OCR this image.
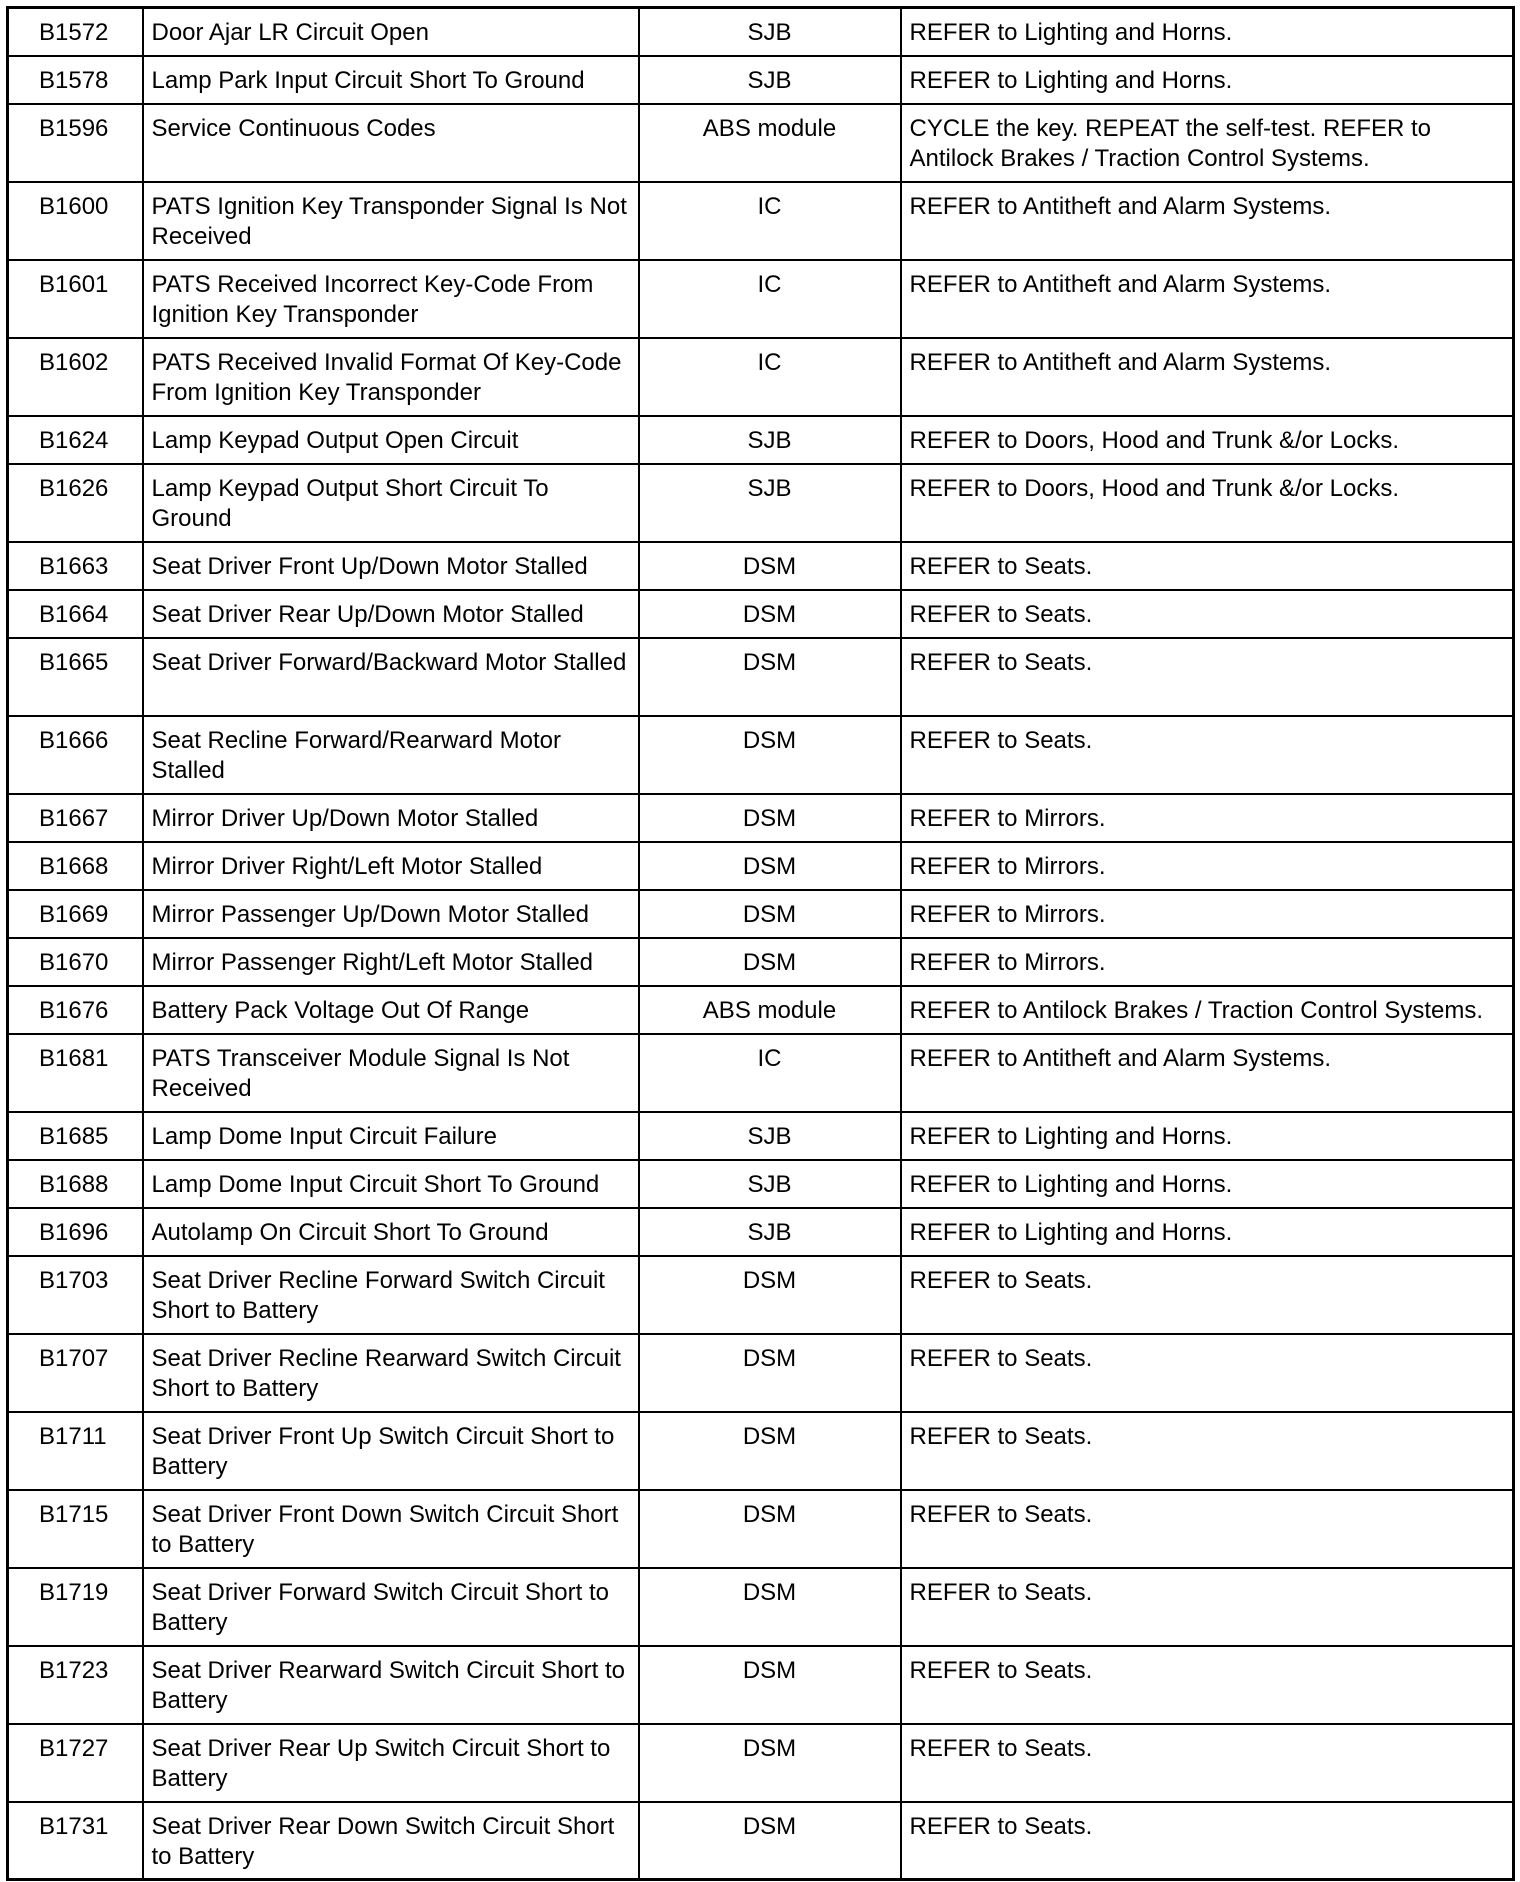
B1572	Door Ajar LR Circuit Open	SJB	REFER to Lighting and Horns.
B1578	Lamp Park Input Circuit Short To Ground	SJB	REFER to Lighting and Horns.
B1596	Service Continuous Codes	ABS module	CYCLE the key. REPEAT the self-test. REFER to Antilock Brakes / Traction Control Systems.
B1600	PATS Ignition Key Transponder Signal Is Not Received	IC	REFER to Antitheft and Alarm Systems.
B1601	PATS Received Incorrect Key-Code From Ignition Key Transponder	IC	REFER to Antitheft and Alarm Systems.
B1602	PATS Received Invalid Format Of Key-Code From Ignition Key Transponder	IC	REFER to Antitheft and Alarm Systems.
B1624	Lamp Keypad Output Open Circuit	SJB	REFER to Doors, Hood and Trunk &/or Locks.
B1626	Lamp Keypad Output Short Circuit To Ground	SJB	REFER to Doors, Hood and Trunk &/or Locks.
B1663	Seat Driver Front Up/Down Motor Stalled	DSM	REFER to Seats.
B1664	Seat Driver Rear Up/Down Motor Stalled	DSM	REFER to Seats.
B1665	Seat Driver Forward/Backward Motor Stalled	DSM	REFER to Seats.
B1666	Seat Recline Forward/Rearward Motor Stalled	DSM	REFER to Seats.
B1667	Mirror Driver Up/Down Motor Stalled	DSM	REFER to Mirrors.
B1668	Mirror Driver Right/Left Motor Stalled	DSM	REFER to Mirrors.
B1669	Mirror Passenger Up/Down Motor Stalled	DSM	REFER to Mirrors.
B1670	Mirror Passenger Right/Left Motor Stalled	DSM	REFER to Mirrors.
B1676	Battery Pack Voltage Out Of Range	ABS module	REFER to Antilock Brakes / Traction Control Systems.
B1681	PATS Transceiver Module Signal Is Not Received	IC	REFER to Antitheft and Alarm Systems.
B1685	Lamp Dome Input Circuit Failure	SJB	REFER to Lighting and Horns.
B1688	Lamp Dome Input Circuit Short To Ground	SJB	REFER to Lighting and Horns.
B1696	Autolamp On Circuit Short To Ground	SJB	REFER to Lighting and Horns.
B1703	Seat Driver Recline Forward Switch Circuit Short to Battery	DSM	REFER to Seats.
B1707	Seat Driver Recline Rearward Switch Circuit Short to Battery	DSM	REFER to Seats.
B1711	Seat Driver Front Up Switch Circuit Short to Battery	DSM	REFER to Seats.
B1715	Seat Driver Front Down Switch Circuit Short to Battery	DSM	REFER to Seats.
B1719	Seat Driver Forward Switch Circuit Short to Battery	DSM	REFER to Seats.
B1723	Seat Driver Rearward Switch Circuit Short to Battery	DSM	REFER to Seats.
B1727	Seat Driver Rear Up Switch Circuit Short to Battery	DSM	REFER to Seats.
B1731	Seat Driver Rear Down Switch Circuit Short to Battery	DSM	REFER to Seats.
